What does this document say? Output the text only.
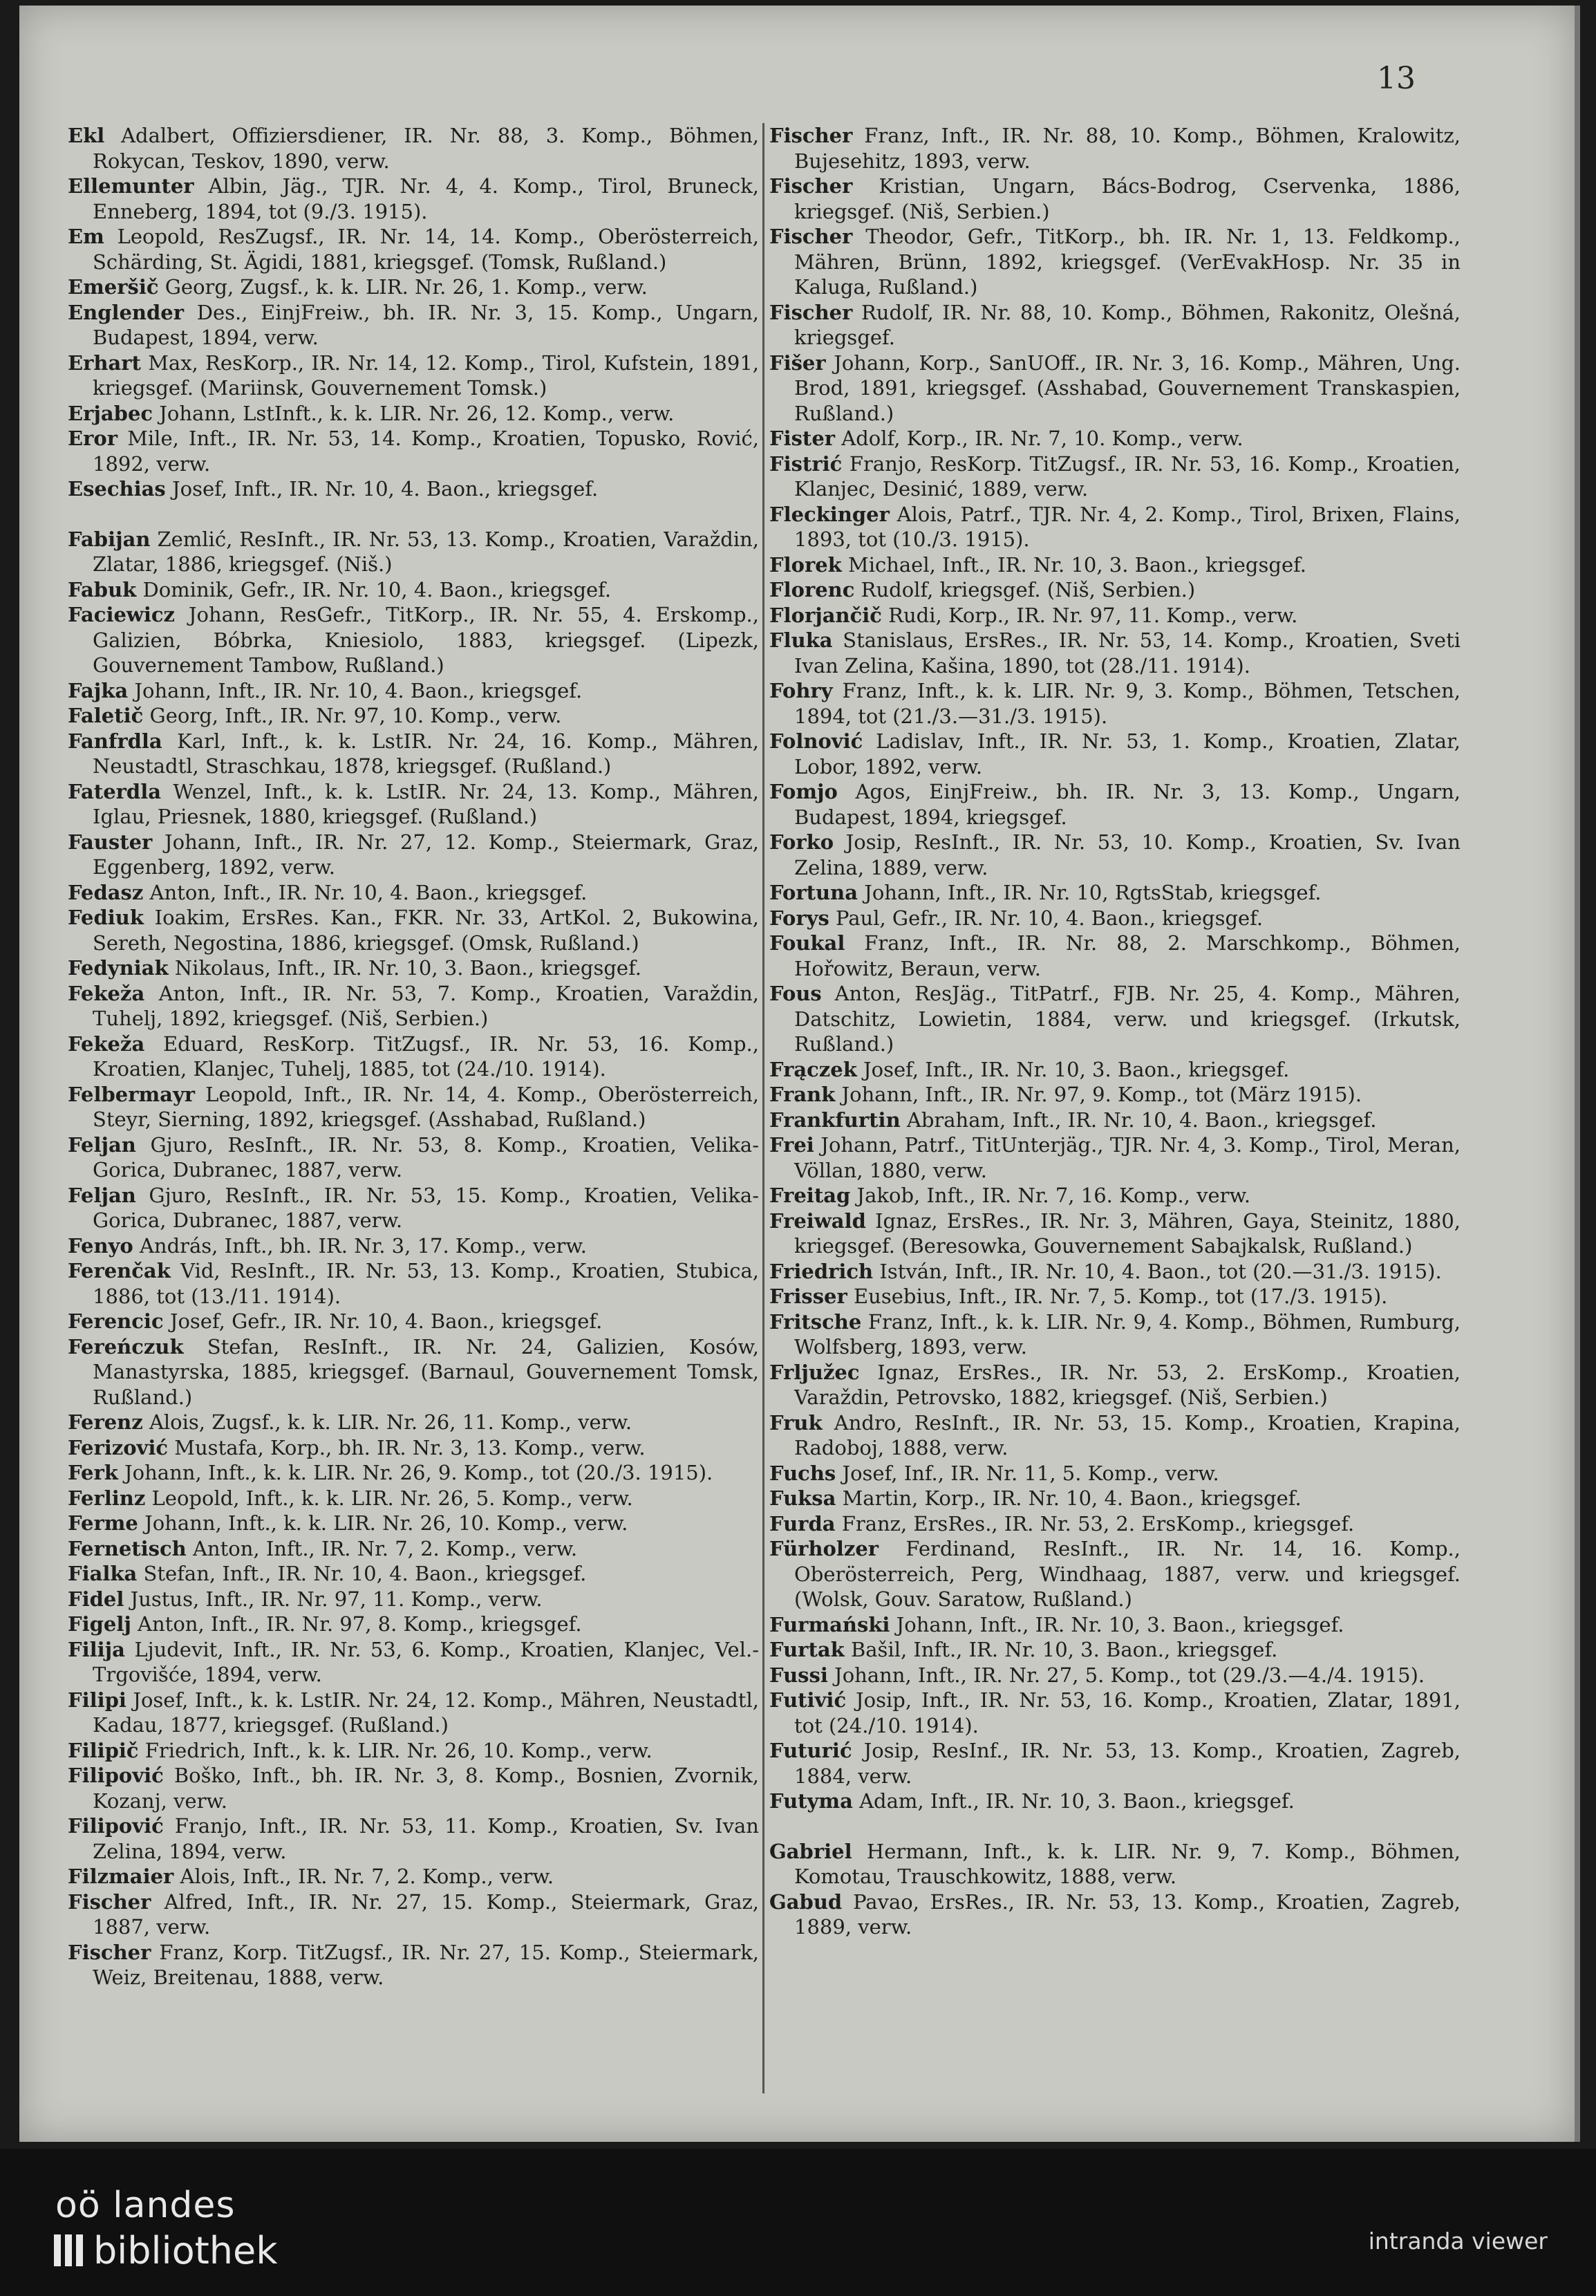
13

Ekl Adalbert, Offiziersdiener, IR. Nr. 88, 3. Komp., Böhmen, Rokycan, Teskov, 1890, verw.

Ellemunter Albin, Jäg., TJR. Nr. 4, 4. Komp., Tirol, Bruneck, Enneberg, 1894, tot (9./3. 1915).

Em Leopold, ResZugsf., IR. Nr. 14, 14. Komp., Oberösterreich, Schärding, St. Ägidi, 1881, kriegsgef. (Tomsk, Rußland.)

Emeršič Georg, Zugsf., k. k. LIR. Nr. 26, 1. Komp., verw.

Englender Des., EinjFreiw., bh. IR. Nr. 3, 15. Komp., Ungarn, Budapest, 1894, verw.

Erhart Max, ResKorp., IR. Nr. 14, 12. Komp., Tirol, Kufstein, 1891, kriegsgef. (Mariinsk, Gouvernement Tomsk.)

Erjabec Johann, LstInft., k. k. LIR. Nr. 26, 12. Komp., verw.

Eror Mile, Inft., IR. Nr. 53, 14. Komp., Kroatien, Topusko, Rović, 1892, verw.

Esechias Josef, Inft., IR. Nr. 10, 4. Baon., kriegsgef.

Fabijan Zemlić, ResInft., IR. Nr. 53, 13. Komp., Kroatien, Varaždin, Zlatar, 1886, kriegsgef. (Niš.)

Fabuk Dominik, Gefr., IR. Nr. 10, 4. Baon., kriegsgef.

Faciewicz Johann, ResGefr., TitKorp., IR. Nr. 55, 4. Erskomp., Galizien, Bóbrka, Kniesiolo, 1883, kriegsgef. (Lipezk, Gouvernement Tambow, Rußland.)

Fajka Johann, Inft., IR. Nr. 10, 4. Baon., kriegsgef.

Faletič Georg, Inft., IR. Nr. 97, 10. Komp., verw.

Fanfrdla Karl, Inft., k. k. LstIR. Nr. 24, 16. Komp., Mähren, Neustadtl, Straschkau, 1878, kriegsgef. (Rußland.)

Faterdla Wenzel, Inft., k. k. LstIR. Nr. 24, 13. Komp., Mähren, Iglau, Priesnek, 1880, kriegsgef. (Rußland.)

Fauster Johann, Inft., IR. Nr. 27, 12. Komp., Steiermark, Graz, Eggenberg, 1892, verw.

Fedasz Anton, Inft., IR. Nr. 10, 4. Baon., kriegsgef.

Fediuk Ioakim, ErsRes. Kan., FKR. Nr. 33, ArtKol. 2, Bukowina, Sereth, Negostina, 1886, kriegsgef. (Omsk, Rußland.)

Fedyniak Nikolaus, Inft., IR. Nr. 10, 3. Baon., kriegsgef.

Fekeža Anton, Inft., IR. Nr. 53, 7. Komp., Kroatien, Varaždin, Tuhelj, 1892, kriegsgef. (Niš, Serbien.)

Fekeža Eduard, ResKorp. TitZugsf., IR. Nr. 53, 16. Komp., Kroatien, Klanjec, Tuhelj, 1885, tot (24./10. 1914).

Felbermayr Leopold, Inft., IR. Nr. 14, 4. Komp., Oberösterreich, Steyr, Sierning, 1892, kriegsgef. (Asshabad, Rußland.)

Feljan Gjuro, ResInft., IR. Nr. 53, 8. Komp., Kroatien, Velika-Gorica, Dubranec, 1887, verw.

Feljan Gjuro, ResInft., IR. Nr. 53, 15. Komp., Kroatien, Velika-Gorica, Dubranec, 1887, verw.

Fenyo András, Inft., bh. IR. Nr. 3, 17. Komp., verw.

Ferenčak Vid, ResInft., IR. Nr. 53, 13. Komp., Kroatien, Stubica, 1886, tot (13./11. 1914).

Ferencic Josef, Gefr., IR. Nr. 10, 4. Baon., kriegsgef.

Fereńczuk Stefan, ResInft., IR. Nr. 24, Galizien, Kosów, Manastyrska, 1885, kriegsgef. (Barnaul, Gouvernement Tomsk, Rußland.)

Ferenz Alois, Zugsf., k. k. LIR. Nr. 26, 11. Komp., verw.

Ferizović Mustafa, Korp., bh. IR. Nr. 3, 13. Komp., verw.

Ferk Johann, Inft., k. k. LIR. Nr. 26, 9. Komp., tot (20./3. 1915).

Ferlinz Leopold, Inft., k. k. LIR. Nr. 26, 5. Komp., verw.

Ferme Johann, Inft., k. k. LIR. Nr. 26, 10. Komp., verw.

Fernetisch Anton, Inft., IR. Nr. 7, 2. Komp., verw.

Fialka Stefan, Inft., IR. Nr. 10, 4. Baon., kriegsgef.

Fidel Justus, Inft., IR. Nr. 97, 11. Komp., verw.

Figelj Anton, Inft., IR. Nr. 97, 8. Komp., kriegsgef.

Filija Ljudevit, Inft., IR. Nr. 53, 6. Komp., Kroatien, Klanjec, Vel.-Trgovišće, 1894, verw.

Filipi Josef, Inft., k. k. LstIR. Nr. 24, 12. Komp., Mähren, Neustadtl, Kadau, 1877, kriegsgef. (Rußland.)

Filipič Friedrich, Inft., k. k. LIR. Nr. 26, 10. Komp., verw.

Filipović Boško, Inft., bh. IR. Nr. 3, 8. Komp., Bosnien, Zvornik, Kozanj, verw.

Filipović Franjo, Inft., IR. Nr. 53, 11. Komp., Kroatien, Sv. Ivan Zelina, 1894, verw.

Filzmaier Alois, Inft., IR. Nr. 7, 2. Komp., verw.

Fischer Alfred, Inft., IR. Nr. 27, 15. Komp., Steiermark, Graz, 1887, verw.

Fischer Franz, Korp. TitZugsf., IR. Nr. 27, 15. Komp., Steiermark, Weiz, Breitenau, 1888, verw.

Fischer Franz, Inft., IR. Nr. 88, 10. Komp., Böhmen, Kralowitz, Bujesehitz, 1893, verw.

Fischer Kristian, Ungarn, Bács-Bodrog, Cservenka, 1886, kriegsgef. (Niš, Serbien.)

Fischer Theodor, Gefr., TitKorp., bh. IR. Nr. 1, 13. Feldkomp., Mähren, Brünn, 1892, kriegsgef. (VerEvakHosp. Nr. 35 in Kaluga, Rußland.)

Fischer Rudolf, IR. Nr. 88, 10. Komp., Böhmen, Rakonitz, Olešná, kriegsgef.

Fišer Johann, Korp., SanUOff., IR. Nr. 3, 16. Komp., Mähren, Ung. Brod, 1891, kriegsgef. (Asshabad, Gouvernement Transkaspien, Rußland.)

Fister Adolf, Korp., IR. Nr. 7, 10. Komp., verw.

Fistrić Franjo, ResKorp. TitZugsf., IR. Nr. 53, 16. Komp., Kroatien, Klanjec, Desinić, 1889, verw.

Fleckinger Alois, Patrf., TJR. Nr. 4, 2. Komp., Tirol, Brixen, Flains, 1893, tot (10./3. 1915).

Florek Michael, Inft., IR. Nr. 10, 3. Baon., kriegsgef.

Florenc Rudolf, kriegsgef. (Niš, Serbien.)

Florjančič Rudi, Korp., IR. Nr. 97, 11. Komp., verw.

Fluka Stanislaus, ErsRes., IR. Nr. 53, 14. Komp., Kroatien, Sveti Ivan Zelina, Kašina, 1890, tot (28./11. 1914).

Fohry Franz, Inft., k. k. LIR. Nr. 9, 3. Komp., Böhmen, Tetschen, 1894, tot (21./3.—31./3. 1915).

Folnović Ladislav, Inft., IR. Nr. 53, 1. Komp., Kroatien, Zlatar, Lobor, 1892, verw.

Fomjo Agos, EinjFreiw., bh. IR. Nr. 3, 13. Komp., Ungarn, Budapest, 1894, kriegsgef.

Forko Josip, ResInft., IR. Nr. 53, 10. Komp., Kroatien, Sv. Ivan Zelina, 1889, verw.

Fortuna Johann, Inft., IR. Nr. 10, RgtsStab, kriegsgef.

Forys Paul, Gefr., IR. Nr. 10, 4. Baon., kriegsgef.

Foukal Franz, Inft., IR. Nr. 88, 2. Marschkomp., Böhmen, Hořowitz, Beraun, verw.

Fous Anton, ResJäg., TitPatrf., FJB. Nr. 25, 4. Komp., Mähren, Datschitz, Lowietin, 1884, verw. und kriegsgef. (Irkutsk, Rußland.)

Frączek Josef, Inft., IR. Nr. 10, 3. Baon., kriegsgef.

Frank Johann, Inft., IR. Nr. 97, 9. Komp., tot (März 1915).

Frankfurtin Abraham, Inft., IR. Nr. 10, 4. Baon., kriegsgef.

Frei Johann, Patrf., TitUnterjäg., TJR. Nr. 4, 3. Komp., Tirol, Meran, Völlan, 1880, verw.

Freitag Jakob, Inft., IR. Nr. 7, 16. Komp., verw.

Freiwald Ignaz, ErsRes., IR. Nr. 3, Mähren, Gaya, Steinitz, 1880, kriegsgef. (Beresowka, Gouvernement Sabajkalsk, Rußland.)

Friedrich István, Inft., IR. Nr. 10, 4. Baon., tot (20.—31./3. 1915).

Frisser Eusebius, Inft., IR. Nr. 7, 5. Komp., tot (17./3. 1915).

Fritsche Franz, Inft., k. k. LIR. Nr. 9, 4. Komp., Böhmen, Rumburg, Wolfsberg, 1893, verw.

Frljužec Ignaz, ErsRes., IR. Nr. 53, 2. ErsKomp., Kroatien, Varaždin, Petrovsko, 1882, kriegsgef. (Niš, Serbien.)

Fruk Andro, ResInft., IR. Nr. 53, 15. Komp., Kroatien, Krapina, Radoboj, 1888, verw.

Fuchs Josef, Inf., IR. Nr. 11, 5. Komp., verw.

Fuksa Martin, Korp., IR. Nr. 10, 4. Baon., kriegsgef.

Furda Franz, ErsRes., IR. Nr. 53, 2. ErsKomp., kriegsgef.

Fürholzer Ferdinand, ResInft., IR. Nr. 14, 16. Komp., Oberösterreich, Perg, Windhaag, 1887, verw. und kriegsgef. (Wolsk, Gouv. Saratow, Rußland.)

Furmański Johann, Inft., IR. Nr. 10, 3. Baon., kriegsgef.

Furtak Bašil, Inft., IR. Nr. 10, 3. Baon., kriegsgef.

Fussi Johann, Inft., IR. Nr. 27, 5. Komp., tot (29./3.—4./4. 1915).

Futivić Josip, Inft., IR. Nr. 53, 16. Komp., Kroatien, Zlatar, 1891, tot (24./10. 1914).

Futurić Josip, ResInf., IR. Nr. 53, 13. Komp., Kroatien, Zagreb, 1884, verw.

Futyma Adam, Inft., IR. Nr. 10, 3. Baon., kriegsgef.

Gabriel Hermann, Inft., k. k. LIR. Nr. 9, 7. Komp., Böhmen, Komotau, Trauschkowitz, 1888, verw.

Gabud Pavao, ErsRes., IR. Nr. 53, 13. Komp., Kroatien, Zagreb, 1889, verw.

oö landes
bibliothek	intranda viewer
